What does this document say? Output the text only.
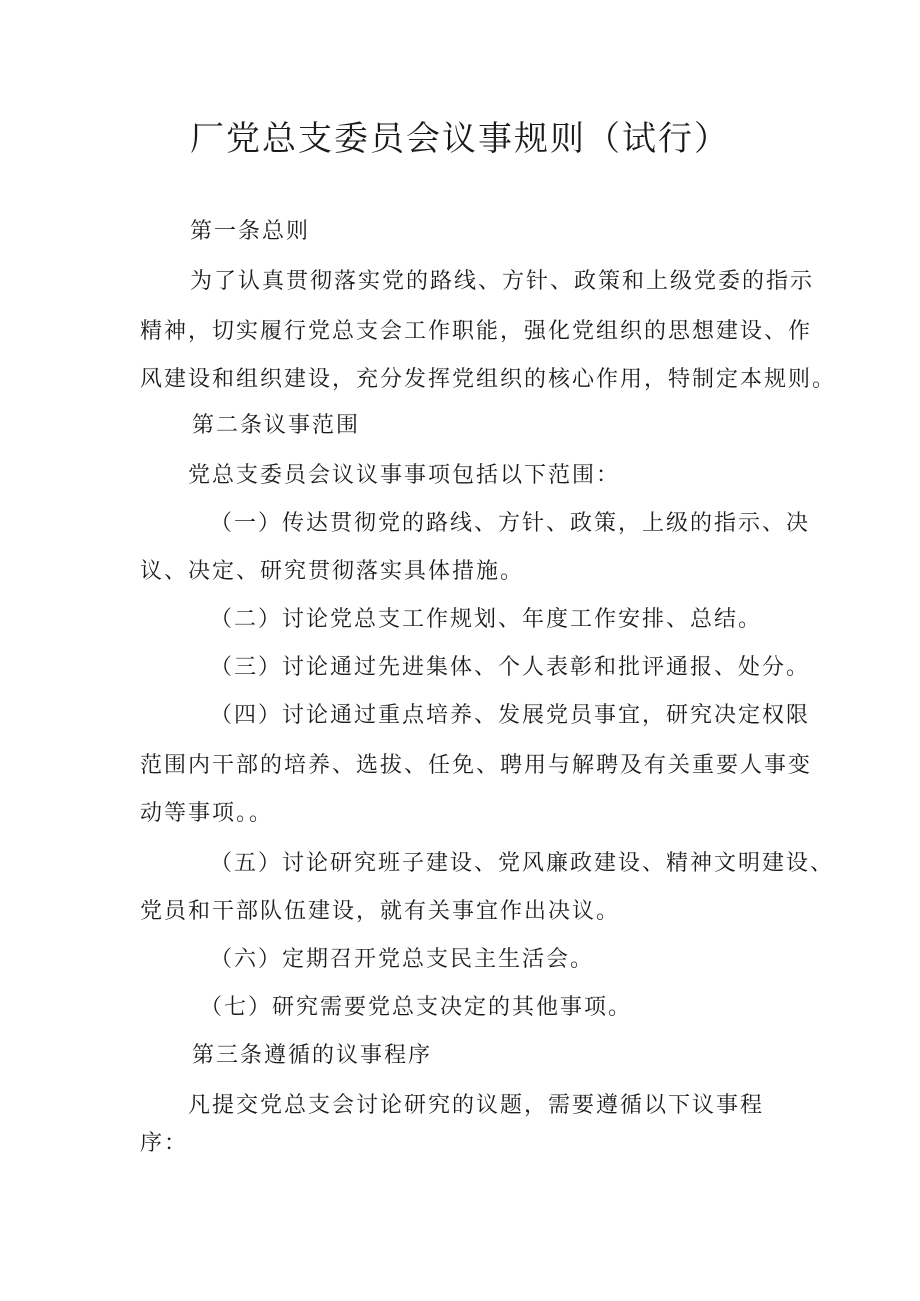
厂党总支委员会议事规则（试行）

第一条总则

为了认真贯彻落实党的路线、方针、政策和上级党委的指示

精神，切实履行党总支会工作职能，强化党组织的思想建设、作

风建设和组织建设，充分发挥党组织的核心作用，特制定本规则。

第二条议事范围

党总支委员会议议事事项包括以下范围：

（一）传达贯彻党的路线、方针、政策，上级的指示、决

议、决定、研究贯彻落实具体措施。

（二）讨论党总支工作规划、年度工作安排、总结。

（三）讨论通过先进集体、个人表彰和批评通报、处分。

（四）讨论通过重点培养、发展党员事宜，研究决定权限

范围内干部的培养、选拔、任免、聘用与解聘及有关重要人事变

动等事项。。

（五）讨论研究班子建设、党风廉政建设、精神文明建设、

党员和干部队伍建设，就有关事宜作出决议。

（六）定期召开党总支民主生活会。

（七）研究需要党总支决定的其他事项。

第三条遵循的议事程序

凡提交党总支会讨论研究的议题，需要遵循以下议事程

序：
